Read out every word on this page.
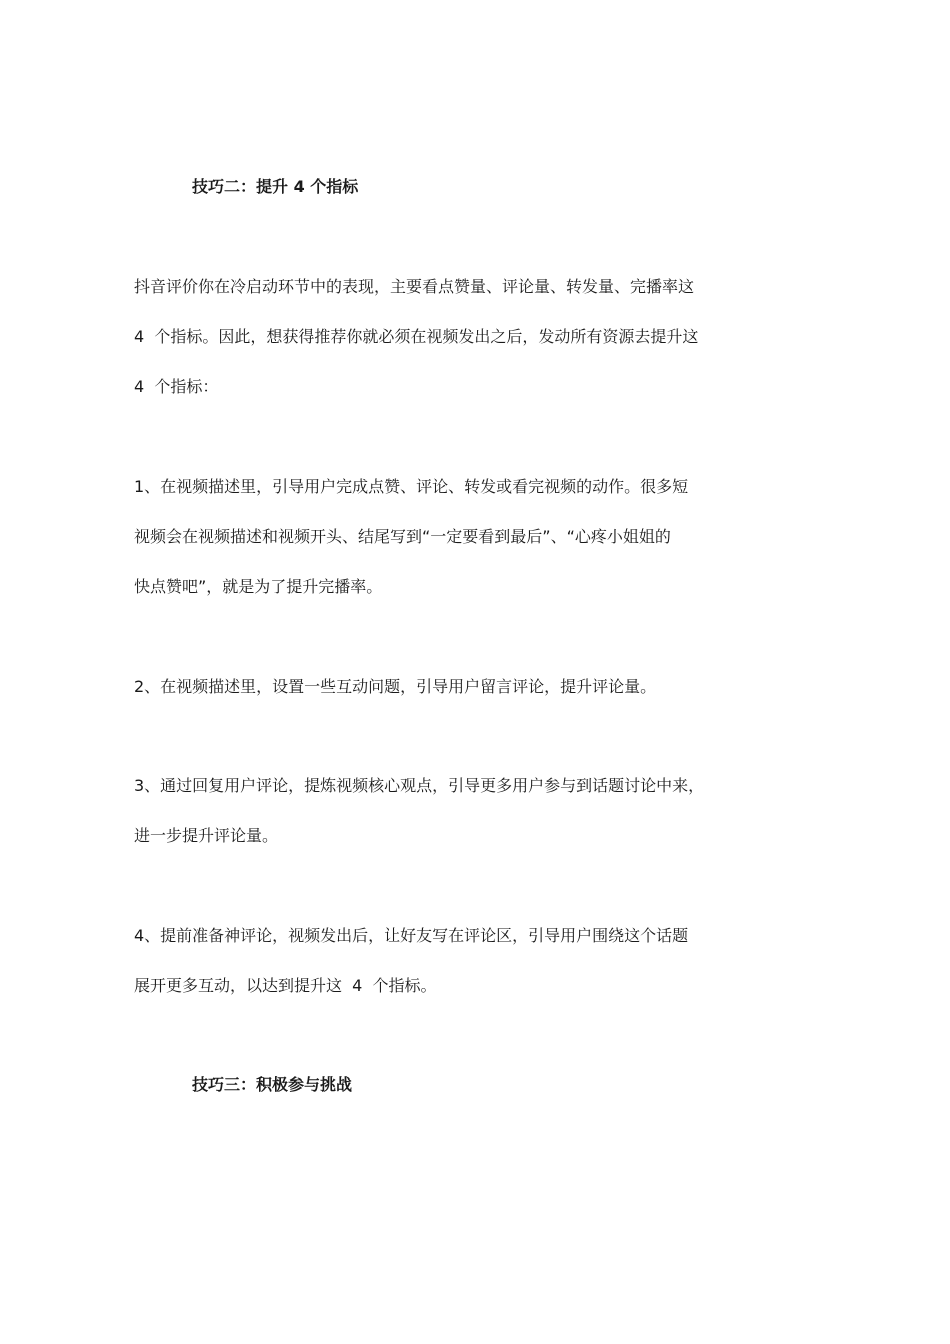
技巧二：提升 4 个指标

抖音评价你在冷启动环节中的表现，主要看点赞量、评论量、转发量、完播率这

4  个指标。因此，想获得推荐你就必须在视频发出之后，发动所有资源去提升这

4  个指标：

1、在视频描述里，引导用户完成点赞、评论、转发或看完视频的动作。很多短

视频会在视频描述和视频开头、结尾写到“一定要看到最后”、“心疼小姐姐的

快点赞吧”，就是为了提升完播率。

2、在视频描述里，设置一些互动问题，引导用户留言评论，提升评论量。

3、通过回复用户评论，提炼视频核心观点，引导更多用户参与到话题讨论中来，

进一步提升评论量。

4、提前准备神评论，视频发出后，让好友写在评论区，引导用户围绕这个话题

展开更多互动，以达到提升这  4  个指标。

技巧三：积极参与挑战
